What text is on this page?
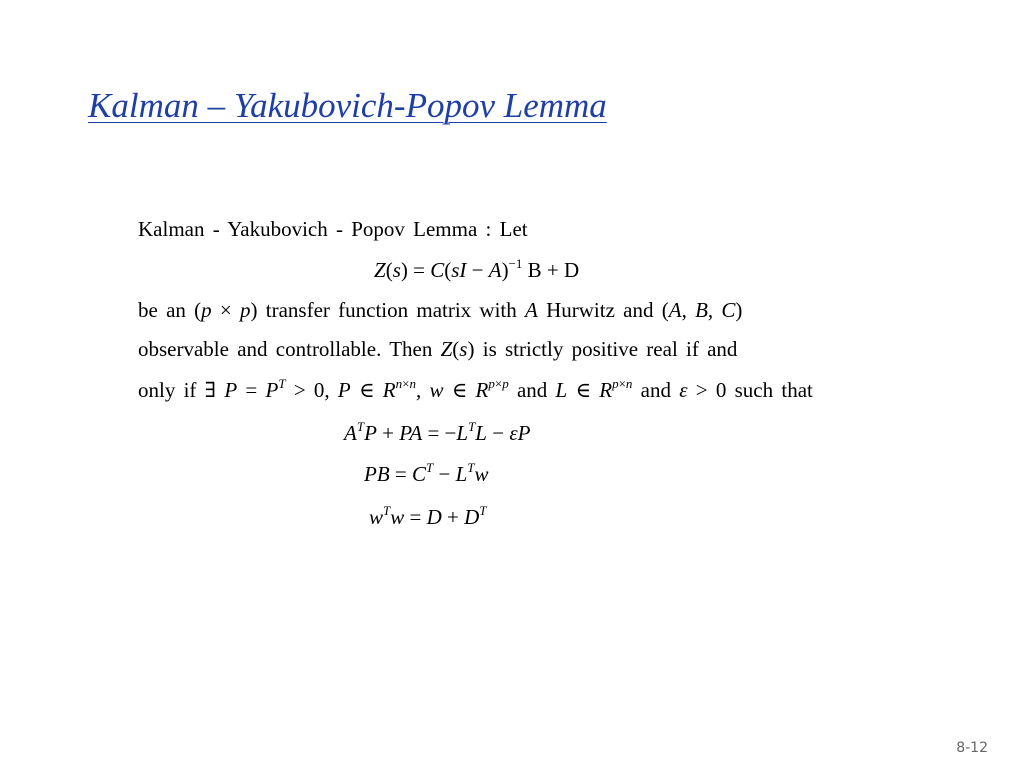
Kalman – Yakubovich-Popov Lemma
Kalman - Yakubovich - Popov Lemma : Let
Z(s) = C(sI − A)$^{-1}$ B + D
be an (p × p) transfer function matrix with A Hurwitz and (A, B, C)
observable and controllable. Then Z(s) is strictly positive real if and
only if ∃ $P = P^T > 0$, P ∈ $R^{n\times n}$, w ∈ $R^{p\times p}$ and L ∈ $R^{p\times n}$ and ε > 0 such that
$A^TP$ + PA = $-L^TL - \varepsilon P$
PB = $C^T - L^Tw$
$w^Tw = D + D^T$
8-12
